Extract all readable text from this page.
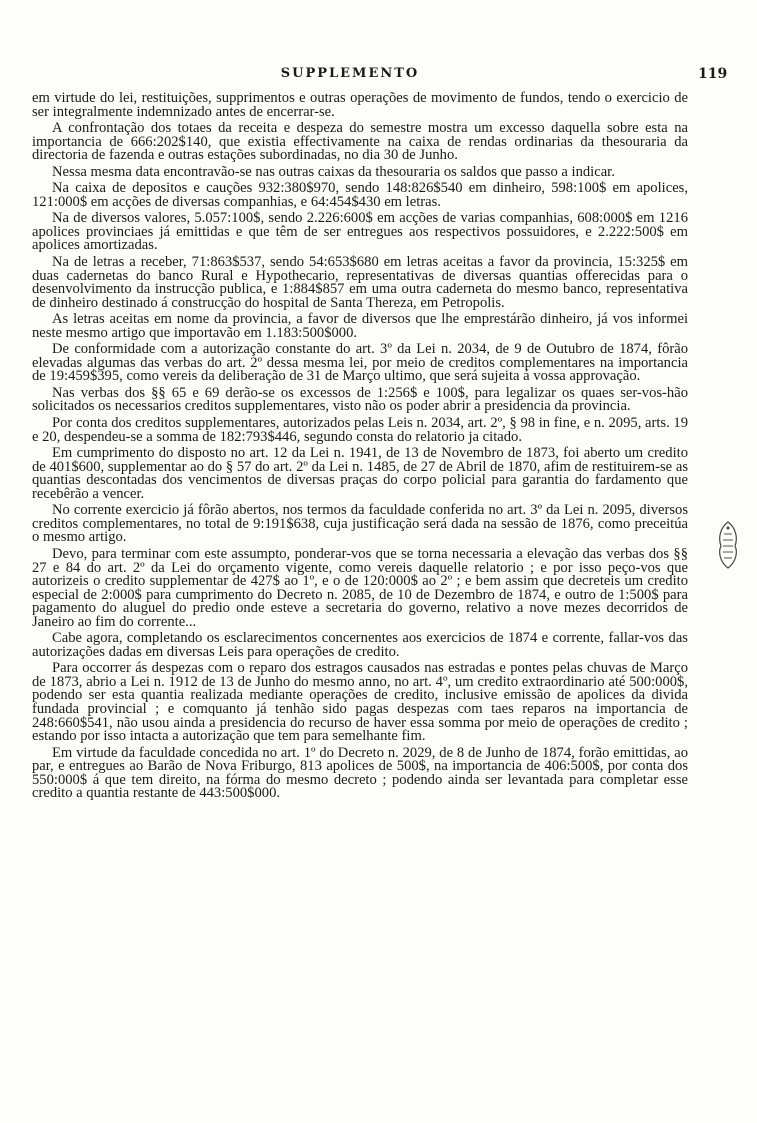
SUPPLEMENTO	119

em virtude do lei, restituições, supprimentos e outras operações de movimento de fundos, tendo o exercicio de ser integralmente indemnizado antes de encerrar-se.

A confrontação dos totaes da receita e despeza do semestre mostra um excesso daquella sobre esta na importancia de 666:202$140, que existia effectivamente na caixa de rendas ordinarias da thesouraria da directoria de fazenda e outras estações subordinadas, no dia 30 de Junho.

Nessa mesma data encontravão-se nas outras caixas da thesouraria os saldos que passo a indicar.

Na caixa de depositos e cauções 932:380$970, sendo 148:826$540 em dinheiro, 598:100$ em apolices, 121:000$ em acções de diversas companhias, e 64:454$430 em letras.

Na de diversos valores, 5.057:100$, sendo 2.226:600$ em acções de varias companhias, 608:000$ em 1216 apolices provinciaes já emittidas e que têm de ser entregues aos respectivos possuidores, e 2.222:500$ em apolices amortizadas.

Na de letras a receber, 71:863$537, sendo 54:653$680 em letras aceitas a favor da provincia, 15:325$ em duas cadernetas do banco Rural e Hypothecario, representativas de diversas quantias offerecidas para o desenvolvimento da instrucção publica, e 1:884$857 em uma outra caderneta do mesmo banco, representativa de dinheiro destinado á construcção do hospital de Santa Thereza, em Petropolis.

As letras aceitas em nome da provincia, a favor de diversos que lhe emprestárão dinheiro, já vos informei neste mesmo artigo que importavão em 1.183:500$000.

De conformidade com a autorização constante do art. 3º da Lei n. 2034, de 9 de Outubro de 1874, fôrão elevadas algumas das verbas do art. 2º dessa mesma lei, por meio de creditos complementares na importancia de 19:459$395, como vereis da deliberação de 31 de Março ultimo, que será sujeita á vossa approvação.

Nas verbas dos §§ 65 e 69 derão-se os excessos de 1:256$ e 100$, para legalizar os quaes ser-vos-hão solicitados os necessarios creditos supplementares, visto não os poder abrir a presidencia da provincia.

Por conta dos creditos supplementares, autorizados pelas Leis n. 2034, art. 2º, § 98 in fine, e n. 2095, arts. 19 e 20, despendeu-se a somma de 182:793$446, segundo consta do relatorio ja citado.

Em cumprimento do disposto no art. 12 da Lei n. 1941, de 13 de Novembro de 1873, foi aberto um credito de 401$600, supplementar ao do § 57 do art. 2º da Lei n. 1485, de 27 de Abril de 1870, afim de restituirem-se as quantias descontadas dos vencimentos de diversas praças do corpo policial para garantia do fardamento que recebêrão a vencer.

No corrente exercicio já fôrão abertos, nos termos da faculdade conferida no art. 3º da Lei n. 2095, diversos creditos complementares, no total de 9:191$638, cuja justificação será dada na sessão de 1876, como preceitúa o mesmo artigo.

Devo, para terminar com este assumpto, ponderar-vos que se torna necessaria a elevação das verbas dos §§ 27 e 84 do art. 2º da Lei do orçamento vigente, como vereis daquelle relatorio ; e por isso peço-vos que autorizeis o credito supplementar de 427$ ao 1º, e o de 120:000$ ao 2º ; e bem assim que decreteis um credito especial de 2:000$ para cumprimento do Decreto n. 2085, de 10 de Dezembro de 1874, e outro de 1:500$ para pagamento do aluguel do predio onde esteve a secretaria do governo, relativo a nove mezes decorridos de Janeiro ao fim do corrente...

Cabe agora, completando os esclarecimentos concernentes aos exercicios de 1874 e corrente, fallar-vos das autorizações dadas em diversas Leis para operações de credito.

Para occorrer ás despezas com o reparo dos estragos causados nas estradas e pontes pelas chuvas de Março de 1873, abrio a Lei n. 1912 de 13 de Junho do mesmo anno, no art. 4º, um credito extraordinario até 500:000$, podendo ser esta quantia realizada mediante operações de credito, inclusive emissão de apolices da divida fundada provincial ; e comquanto já tenhão sido pagas despezas com taes reparos na importancia de 248:660$541, não usou ainda a presidencia do recurso de haver essa somma por meio de operações de credito ; estando por isso intacta a autorização que tem para semelhante fim.

Em virtude da faculdade concedida no art. 1º do Decreto n. 2029, de 8 de Junho de 1874, forão emittidas, ao par, e entregues ao Barão de Nova Friburgo, 813 apolices de 500$, na importancia de 406:500$, por conta dos 550:000$ á que tem direito, na fórma do mesmo decreto ; podendo ainda ser levantada para completar esse credito a quantia restante de 443:500$000.
